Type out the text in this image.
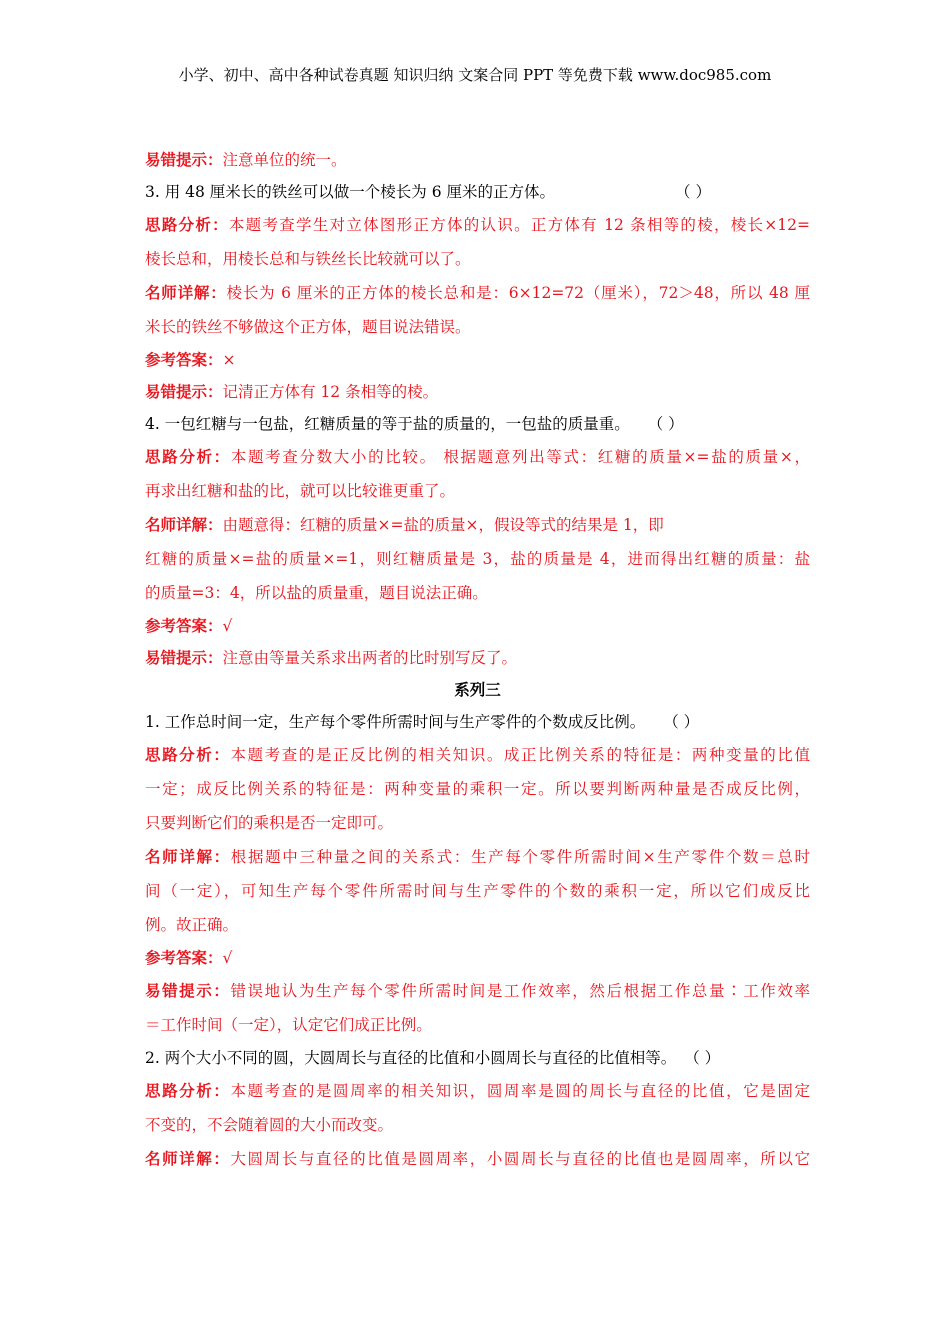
小学、初中、高中各种试卷真题 知识归纳 文案合同 PPT 等免费下载 www.doc985.com
易错提示：注意单位的统一。
3. 用 48 厘米长的铁丝可以做一个棱长为 6 厘米的正方体。	（ ）
思路分析：本题考查学生对立体图形正方体的认识。正方体有 12 条相等的棱，棱长×12=
棱长总和，用棱长总和与铁丝长比较就可以了。
名师详解：棱长为 6 厘米的正方体的棱长总和是：6×12=72（厘米），72＞48，所以 48 厘
米长的铁丝不够做这个正方体，题目说法错误。
参考答案：×
易错提示：记清正方体有 12 条相等的棱。
4. 一包红糖与一包盐，红糖质量的等于盐的质量的，一包盐的质量重。 （ ）
思路分析：本题考查分数大小的比较。 根据题意列出等式：红糖的质量×=盐的质量×，
再求出红糖和盐的比，就可以比较谁更重了。
名师详解：由题意得：红糖的质量×=盐的质量×，假设等式的结果是 1，即
红糖的质量×=盐的质量×=1，则红糖质量是 3，盐的质量是 4，进而得出红糖的质量：盐
的质量=3：4，所以盐的质量重，题目说法正确。
参考答案：√
易错提示：注意由等量关系求出两者的比时别写反了。
系列三
1. 工作总时间一定，生产每个零件所需时间与生产零件的个数成反比例。 （ ）
思路分析：本题考查的是正反比例的相关知识。成正比例关系的特征是：两种变量的比值
一定；成反比例关系的特征是：两种变量的乘积一定。所以要判断两种量是否成反比例，
只要判断它们的乘积是否一定即可。
名师详解：根据题中三种量之间的关系式：生产每个零件所需时间×生产零件个数＝总时
间（一定），可知生产每个零件所需时间与生产零件的个数的乘积一定，所以它们成反比
例。故正确。
参考答案：√
易错提示：错误地认为生产每个零件所需时间是工作效率，然后根据工作总量∶工作效率
＝工作时间（一定），认定它们成正比例。
2. 两个大小不同的圆，大圆周长与直径的比值和小圆周长与直径的比值相等。 （ ）
思路分析：本题考查的是圆周率的相关知识，圆周率是圆的周长与直径的比值，它是固定
不变的，不会随着圆的大小而改变。
名师详解：大圆周长与直径的比值是圆周率，小圆周长与直径的比值也是圆周率，所以它
